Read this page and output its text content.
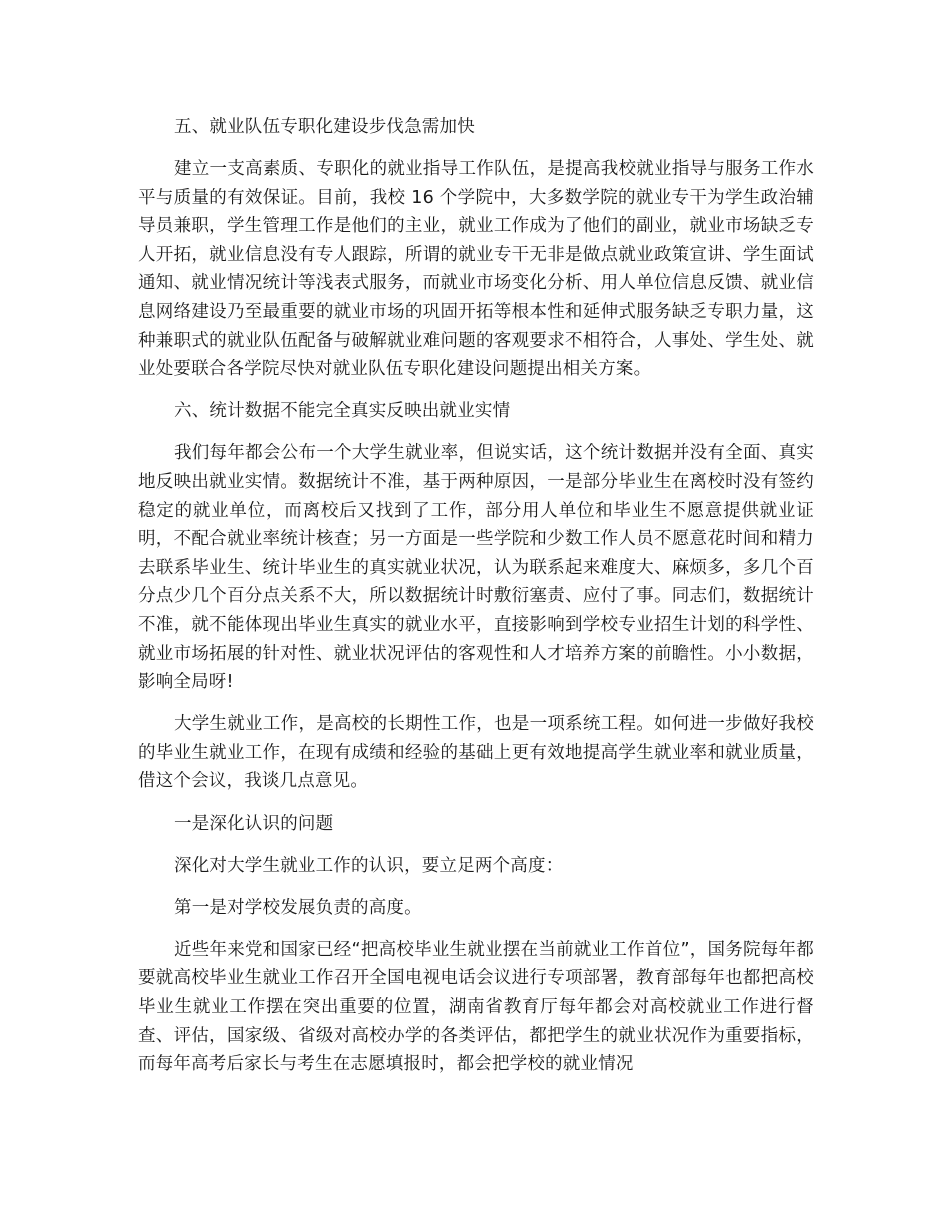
五、就业队伍专职化建设步伐急需加快

建立一支高素质、专职化的就业指导工作队伍，是提高我校就业指导与服务工作水平与质量的有效保证。目前，我校 16 个学院中，大多数学院的就业专干为学生政治辅导员兼职，学生管理工作是他们的主业，就业工作成为了他们的副业，就业市场缺乏专人开拓，就业信息没有专人跟踪，所谓的就业专干无非是做点就业政策宣讲、学生面试通知、就业情况统计等浅表式服务，而就业市场变化分析、用人单位信息反馈、就业信息网络建设乃至最重要的就业市场的巩固开拓等根本性和延伸式服务缺乏专职力量，这种兼职式的就业队伍配备与破解就业难问题的客观要求不相符合，人事处、学生处、就业处要联合各学院尽快对就业队伍专职化建设问题提出相关方案。

六、统计数据不能完全真实反映出就业实情

我们每年都会公布一个大学生就业率，但说实话，这个统计数据并没有全面、真实地反映出就业实情。数据统计不准，基于两种原因，一是部分毕业生在离校时没有签约稳定的就业单位，而离校后又找到了工作，部分用人单位和毕业生不愿意提供就业证明，不配合就业率统计核查；另一方面是一些学院和少数工作人员不愿意花时间和精力去联系毕业生、统计毕业生的真实就业状况，认为联系起来难度大、麻烦多，多几个百分点少几个百分点关系不大，所以数据统计时敷衍塞责、应付了事。同志们，数据统计不准，就不能体现出毕业生真实的就业水平，直接影响到学校专业招生计划的科学性、就业市场拓展的针对性、就业状况评估的客观性和人才培养方案的前瞻性。小小数据，影响全局呀!

大学生就业工作，是高校的长期性工作，也是一项系统工程。如何进一步做好我校的毕业生就业工作，在现有成绩和经验的基础上更有效地提高学生就业率和就业质量，借这个会议，我谈几点意见。

一是深化认识的问题

深化对大学生就业工作的认识，要立足两个高度：

第一是对学校发展负责的高度。

近些年来党和国家已经“把高校毕业生就业摆在当前就业工作首位”，国务院每年都要就高校毕业生就业工作召开全国电视电话会议进行专项部署，教育部每年也都把高校毕业生就业工作摆在突出重要的位置，湖南省教育厅每年都会对高校就业工作进行督查、评估，国家级、省级对高校办学的各类评估，都把学生的就业状况作为重要指标，而每年高考后家长与考生在志愿填报时，都会把学校的就业情况
